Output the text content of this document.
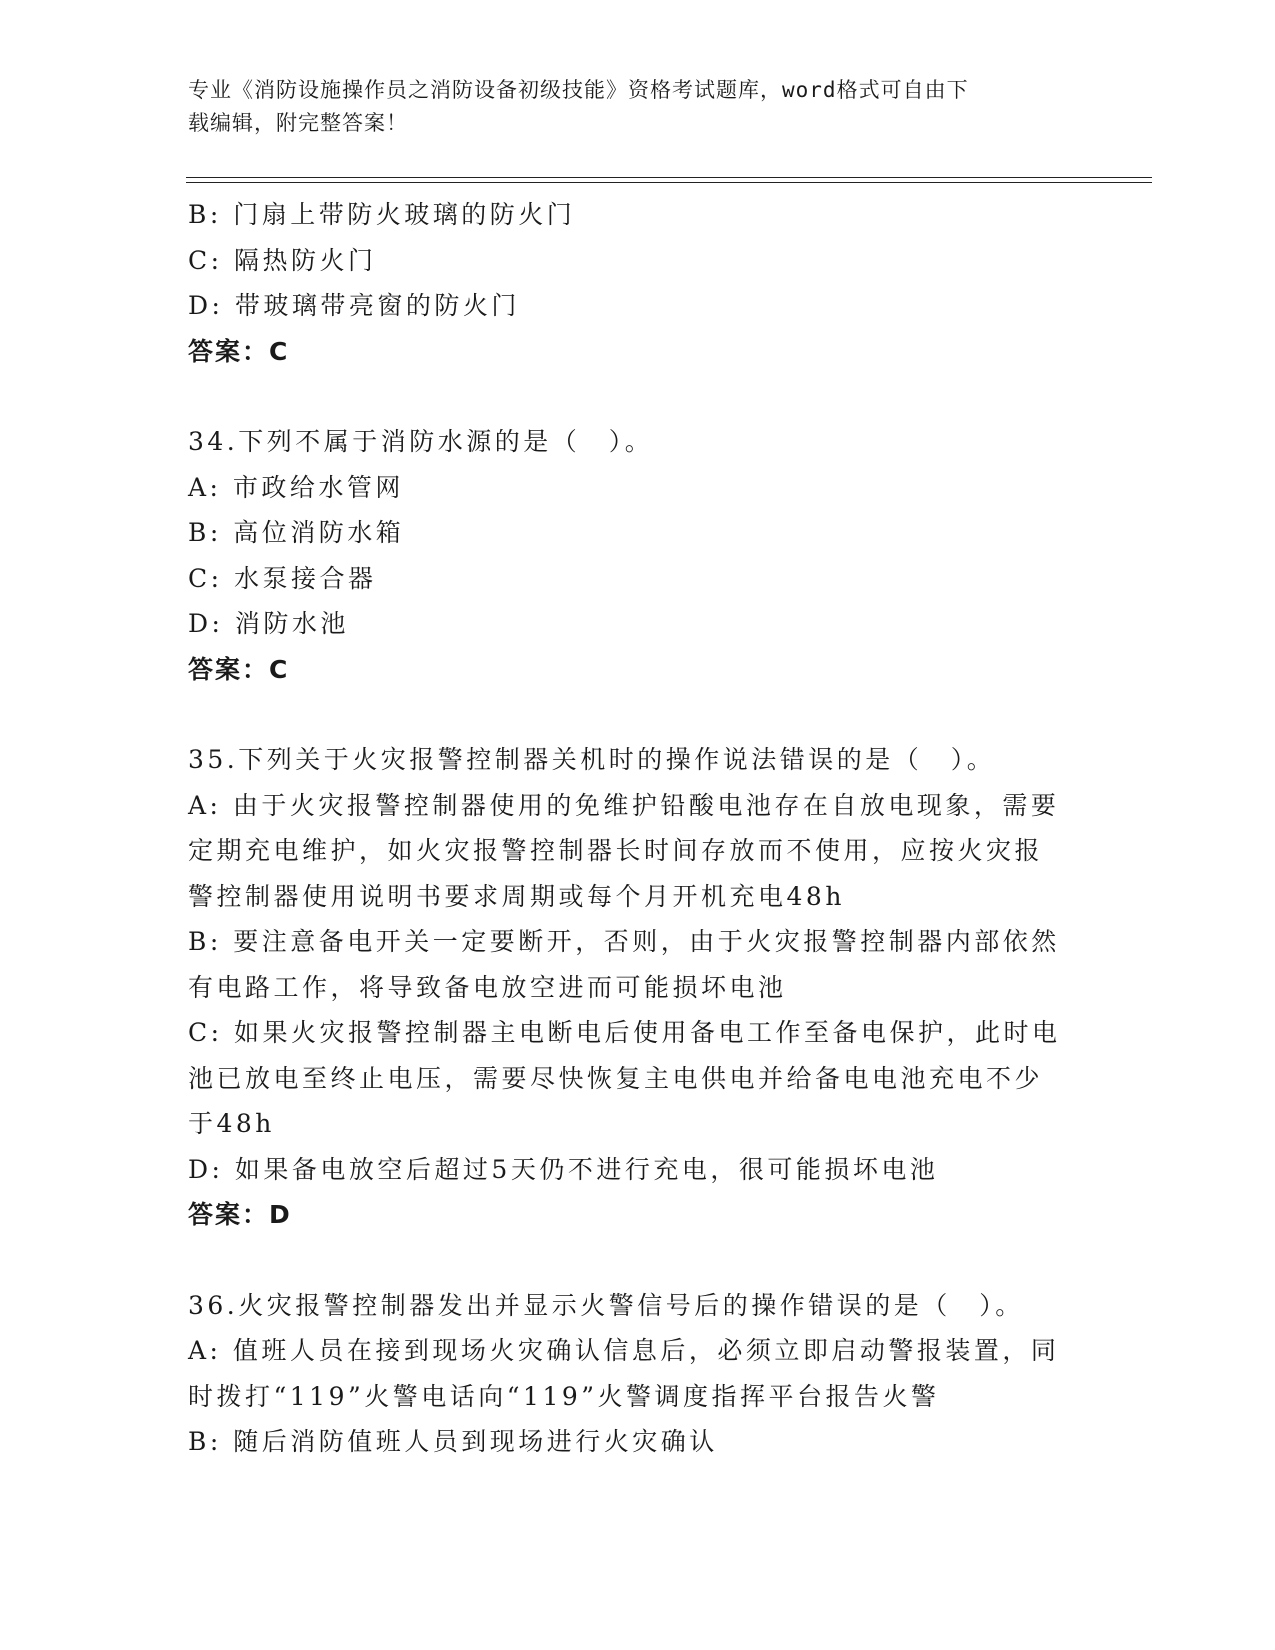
专业《消防设施操作员之消防设备初级技能》资格考试题库，word格式可自由下
载编辑，附完整答案！
B: 门扇上带防火玻璃的防火门
C: 隔热防火门
D: 带玻璃带亮窗的防火门
答案：C
34.下列不属于消防水源的是（　）。
A: 市政给水管网
B: 高位消防水箱
C: 水泵接合器
D: 消防水池
答案：C
35.下列关于火灾报警控制器关机时的操作说法错误的是（　）。
A: 由于火灾报警控制器使用的免维护铅酸电池存在自放电现象，需要
定期充电维护，如火灾报警控制器长时间存放而不使用，应按火灾报
警控制器使用说明书要求周期或每个月开机充电48h
B: 要注意备电开关一定要断开，否则，由于火灾报警控制器内部依然
有电路工作，将导致备电放空进而可能损坏电池
C: 如果火灾报警控制器主电断电后使用备电工作至备电保护，此时电
池已放电至终止电压，需要尽快恢复主电供电并给备电电池充电不少
于48h
D: 如果备电放空后超过5天仍不进行充电，很可能损坏电池
答案：D
36.火灾报警控制器发出并显示火警信号后的操作错误的是（　）。
A: 值班人员在接到现场火灾确认信息后，必须立即启动警报装置，同
时拨打“119”火警电话向“119”火警调度指挥平台报告火警
B: 随后消防值班人员到现场进行火灾确认
